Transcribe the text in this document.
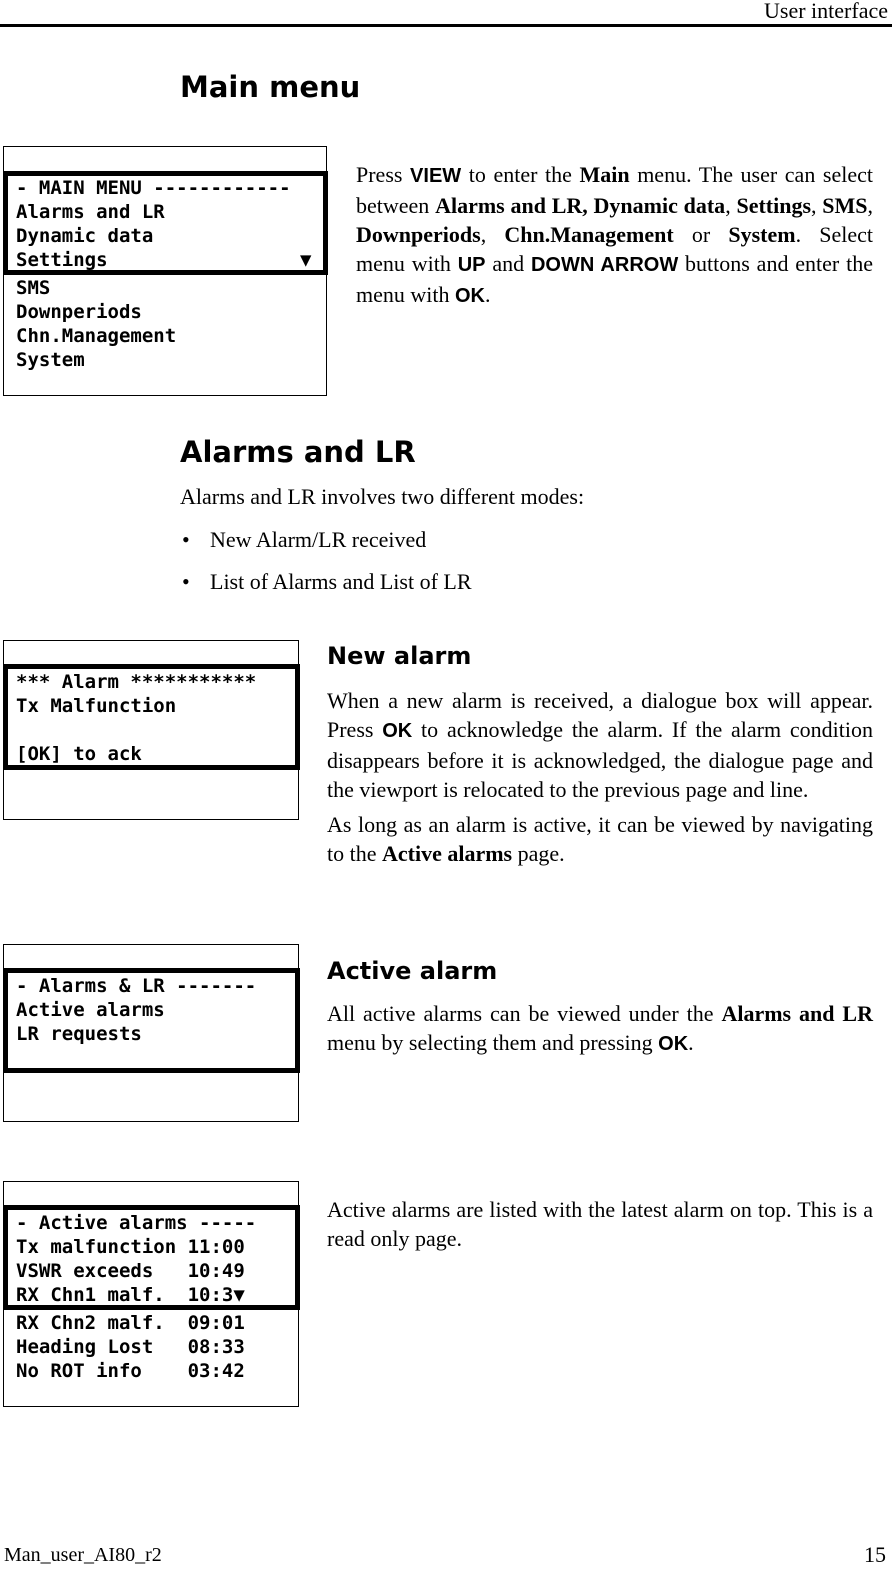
User interface
Main menu
- MAIN MENU ------------
Alarms and LR
Dynamic data
Settings	▼
SMS
Downperiods
Chn.Management
System

Press VIEW to enter the Main menu. The user can select between Alarms and LR, Dynamic data, Settings, SMS, Downperiods, Chn.Management or System. Select menu with UP and DOWN ARROW buttons and enter the menu with OK.

Alarms and LR
Alarms and LR involves two different modes:
• New Alarm/LR received
• List of Alarms and List of LR
*** Alarm ***********
Tx Malfunction
[OK] to ack
New alarm

When a new alarm is received, a dialogue box will appear. Press OK to acknowledge the alarm. If the alarm condition disappears before it is acknowledged, the dialogue page and the viewport is relocated to the previous page and line.

As long as an alarm is active, it can be viewed by navigating to the Active alarms page.

- Alarms & LR -------
Active alarms
LR requests
Active alarm

All active alarms can be viewed under the Alarms and LR menu by selecting them and pressing OK.

- Active alarms -----
Tx malfunction 11:00
VSWR exceeds   10:49
RX Chn1 malf.  10:3▼
RX Chn2 malf.  09:01
Heading Lost   08:33
No ROT info    03:42
Active alarms are listed with the latest alarm on top. This is a read only page.
Man_user_AI80_r2	15
